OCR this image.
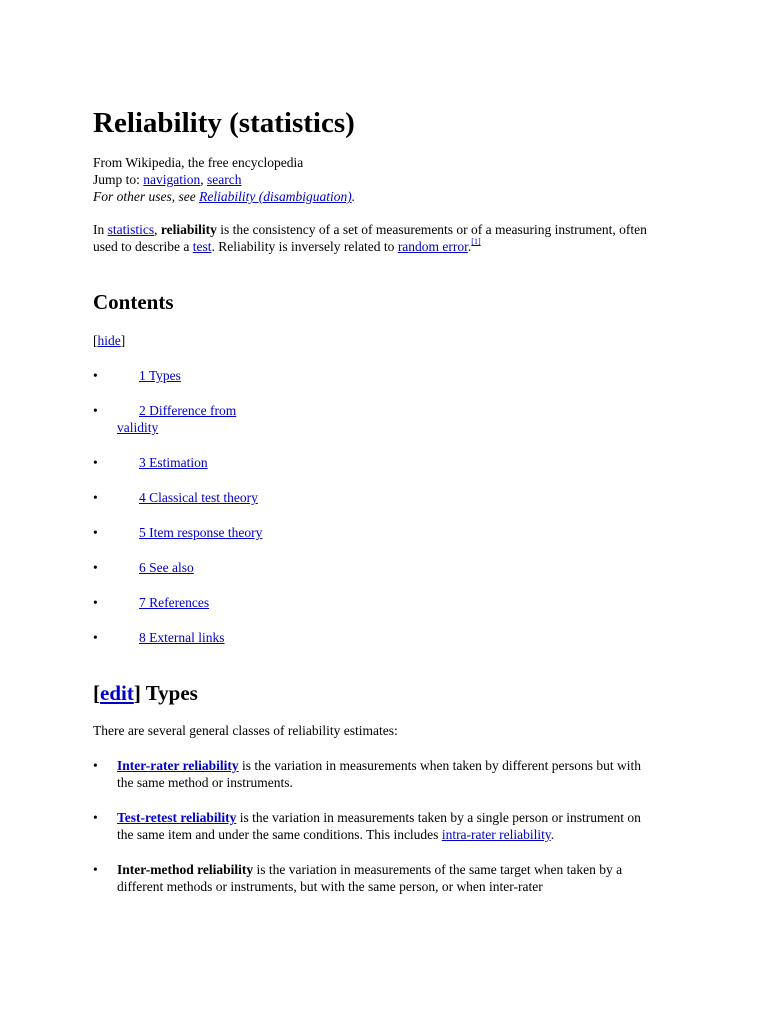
Reliability (statistics)
From Wikipedia, the free encyclopedia
Jump to: navigation, search
For other uses, see Reliability (disambiguation).

In statistics, reliability is the consistency of a set of measurements or of a measuring instrument, often used to describe a test. Reliability is inversely related to random error.[1]

Contents
[hide]
•	1 Types
•	2 Difference from validity
•	3 Estimation
•	4 Classical test theory
•	5 Item response theory
•	6 See also
•	7 References
•	8 External links
[edit] Types
There are several general classes of reliability estimates:
• Inter-rater reliability is the variation in measurements when taken by different persons but with the same method or instruments.
• Test-retest reliability is the variation in measurements taken by a single person or instrument on the same item and under the same conditions. This includes intra-rater reliability.
• Inter-method reliability is the variation in measurements of the same target when taken by a different methods or instruments, but with the same person, or when inter-rater
